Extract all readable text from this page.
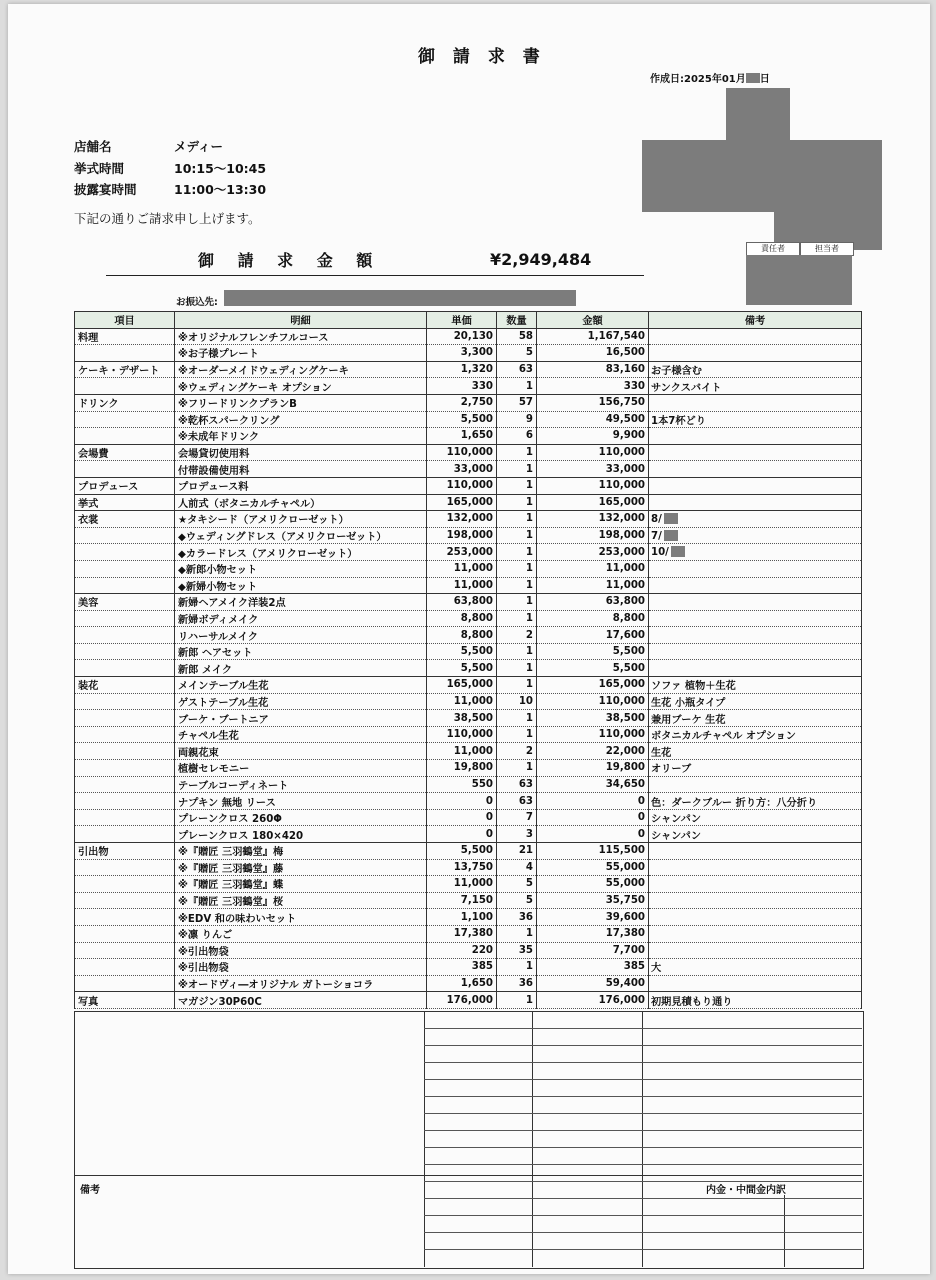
御 請 求 書
作成日:2025年01月 日
店舗名	メディー
挙式時間	10:15～10:45
披露宴時間	11:00～13:30
下記の通りご請求申し上げます。
御 請 求 金 額	¥2,949,484
責任者	担当者
お振込先:
項目	明細	単価	数量	金額	備考
料理	※オリジナルフレンチフルコース	20,130	58	1,167,540	
	※お子様プレート	3,300	5	16,500	
ケーキ・デザート	※オーダーメイドウェディングケーキ	1,320	63	83,160	お子様含む
	※ウェディングケーキ オプション	330	1	330	サンクスバイト
ドリンク	※フリードリンクプランB	2,750	57	156,750	
	※乾杯スパークリング	5,500	9	49,500	1本7杯どり
	※未成年ドリンク	1,650	6	9,900	
会場費	会場貸切使用料	110,000	1	110,000	
	付帯設備使用料	33,000	1	33,000	
プロデュース	プロデュース料	110,000	1	110,000	
挙式	人前式（ボタニカルチャペル）	165,000	1	165,000	
衣裳	★タキシード（アメリクローゼット）	132,000	1	132,000	8/
	◆ウェディングドレス（アメリクローゼット）	198,000	1	198,000	7/
	◆カラードレス（アメリクローゼット）	253,000	1	253,000	10/
	◆新郎小物セット	11,000	1	11,000	
	◆新婦小物セット	11,000	1	11,000	
美容	新婦ヘアメイク洋装2点	63,800	1	63,800	
	新婦ボディメイク	8,800	1	8,800	
	リハーサルメイク	8,800	2	17,600	
	新郎 ヘアセット	5,500	1	5,500	
	新郎 メイク	5,500	1	5,500	
装花	メインテーブル生花	165,000	1	165,000	ソファ 植物＋生花
	ゲストテーブル生花	11,000	10	110,000	生花 小瓶タイプ
	ブーケ・ブートニア	38,500	1	38,500	兼用ブーケ 生花
	チャペル生花	110,000	1	110,000	ボタニカルチャペル オプション
	両親花束	11,000	2	22,000	生花
	植樹セレモニー	19,800	1	19,800	オリーブ
	テーブルコーディネート	550	63	34,650	
	ナプキン 無地 リース	0	63	0	色：ダークブルー 折り方：八分折り
	プレーンクロス 260Φ	0	7	0	シャンパン
	プレーンクロス 180×420	0	3	0	シャンパン
引出物	※『贈匠 三羽鶴堂』梅	5,500	21	115,500	
	※『贈匠 三羽鶴堂』藤	13,750	4	55,000	
	※『贈匠 三羽鶴堂』蝶	11,000	5	55,000	
	※『贈匠 三羽鶴堂』桜	7,150	5	35,750	
	※EDV 和の味わいセット	1,100	36	39,600	
	※凛 りんご	17,380	1	17,380	
	※引出物袋	220	35	7,700	
	※引出物袋	385	1	385	大
	※オードヴィ―オリジナル ガトーショコラ	1,650	36	59,400	
写真	マガジン30P60C	176,000	1	176,000	初期見積もり通り
備考	内金・中間金内訳
